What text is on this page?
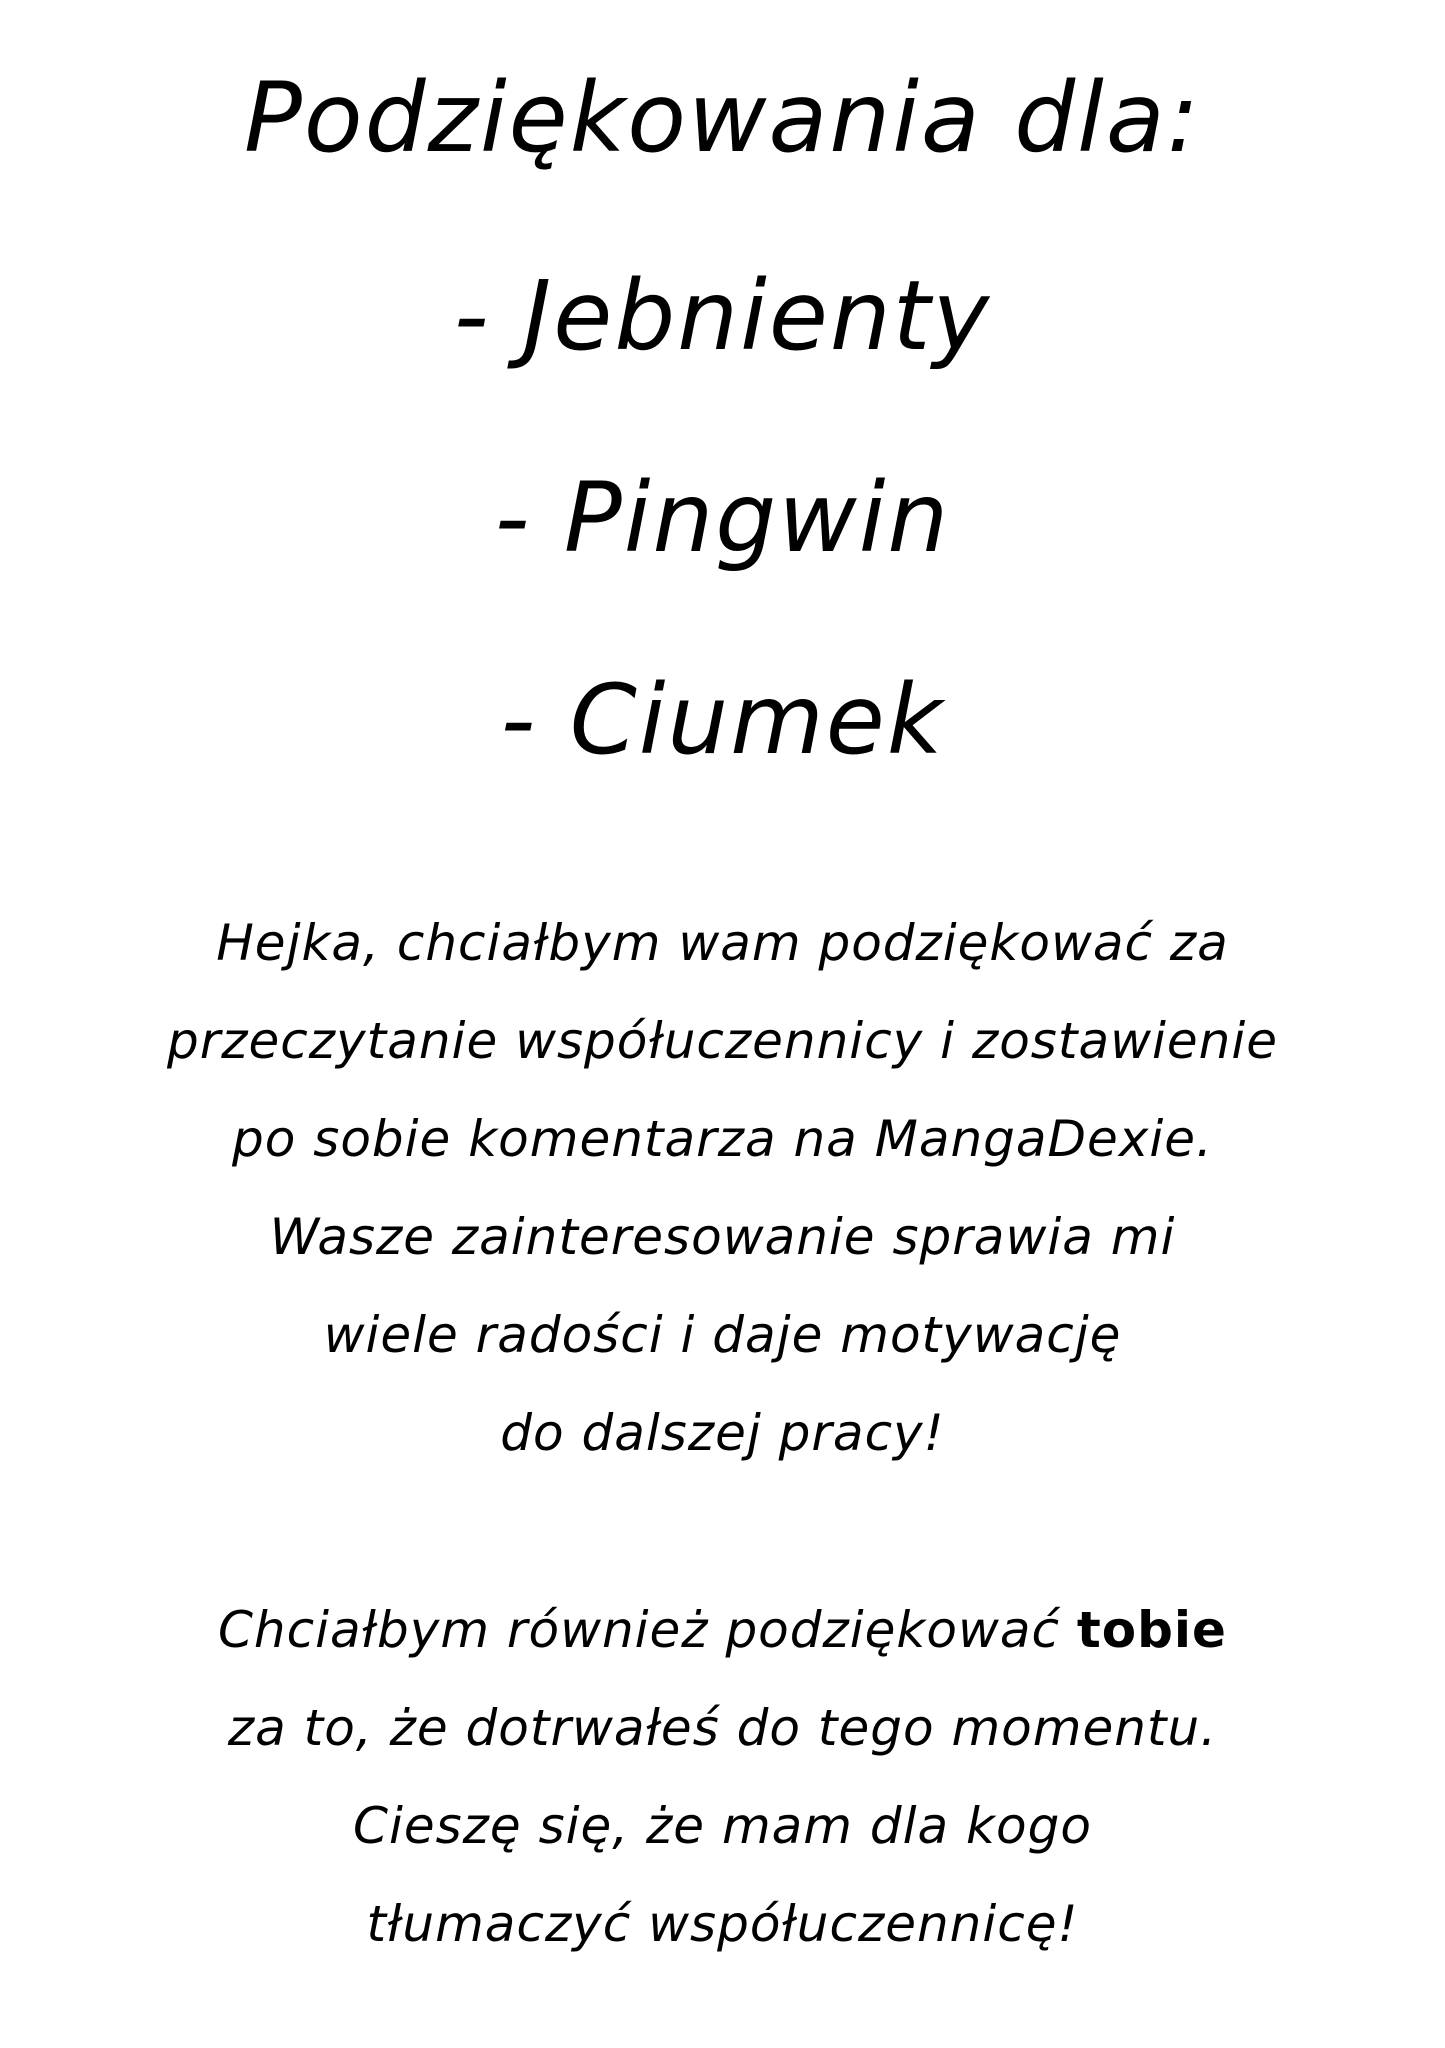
Podziękowania dla:
- Jebnienty
- Pingwin
- Ciumek
Hejka, chciałbym wam podziękować za
przeczytanie współuczennicy i zostawienie
po sobie komentarza na MangaDexie.
Wasze zainteresowanie sprawia mi
wiele radości i daje motywację
do dalszej pracy!
Chciałbym również podziękować tobie
za to, że dotrwałeś do tego momentu.
Cieszę się, że mam dla kogo
tłumaczyć współuczennicę!
